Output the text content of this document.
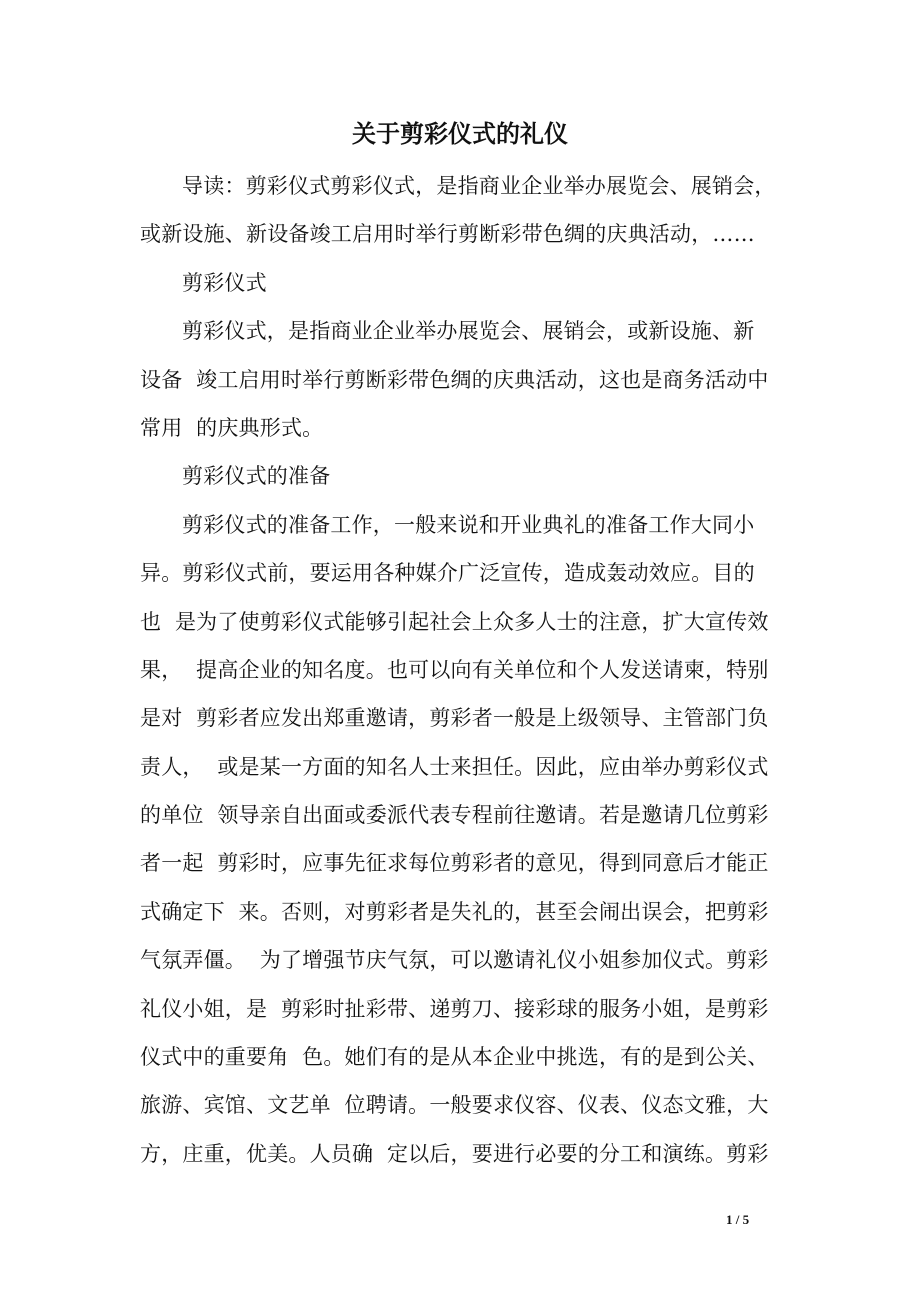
关于剪彩仪式的礼仪
导读：剪彩仪式剪彩仪式，是指商业企业举办展览会、展销会，
或新设施、新设备竣工启用时举行剪断彩带色绸的庆典活动，……
剪彩仪式
剪彩仪式，是指商业企业举办展览会、展销会，或新设施、新
设备  竣工启用时举行剪断彩带色绸的庆典活动，这也是商务活动中
常用  的庆典形式。
剪彩仪式的准备
剪彩仪式的准备工作，一般来说和开业典礼的准备工作大同小
异。剪彩仪式前，要运用各种媒介广泛宣传，造成轰动效应。目的
也  是为了使剪彩仪式能够引起社会上众多人士的注意，扩大宣传效
果，  提高企业的知名度。也可以向有关单位和个人发送请柬，特别
是对  剪彩者应发出郑重邀请，剪彩者一般是上级领导、主管部门负
责人，  或是某一方面的知名人士来担任。因此，应由举办剪彩仪式
的单位  领导亲自出面或委派代表专程前往邀请。若是邀请几位剪彩
者一起  剪彩时，应事先征求每位剪彩者的意见，得到同意后才能正
式确定下  来。否则，对剪彩者是失礼的，甚至会闹出误会，把剪彩
气氛弄僵。  为了增强节庆气氛，可以邀请礼仪小姐参加仪式。剪彩
礼仪小姐，是  剪彩时扯彩带、递剪刀、接彩球的服务小姐，是剪彩
仪式中的重要角  色。她们有的是从本企业中挑选，有的是到公关、
旅游、宾馆、文艺单  位聘请。一般要求仪容、仪表、仪态文雅，大
方，庄重，优美。人员确  定以后，要进行必要的分工和演练。剪彩
1 / 5
